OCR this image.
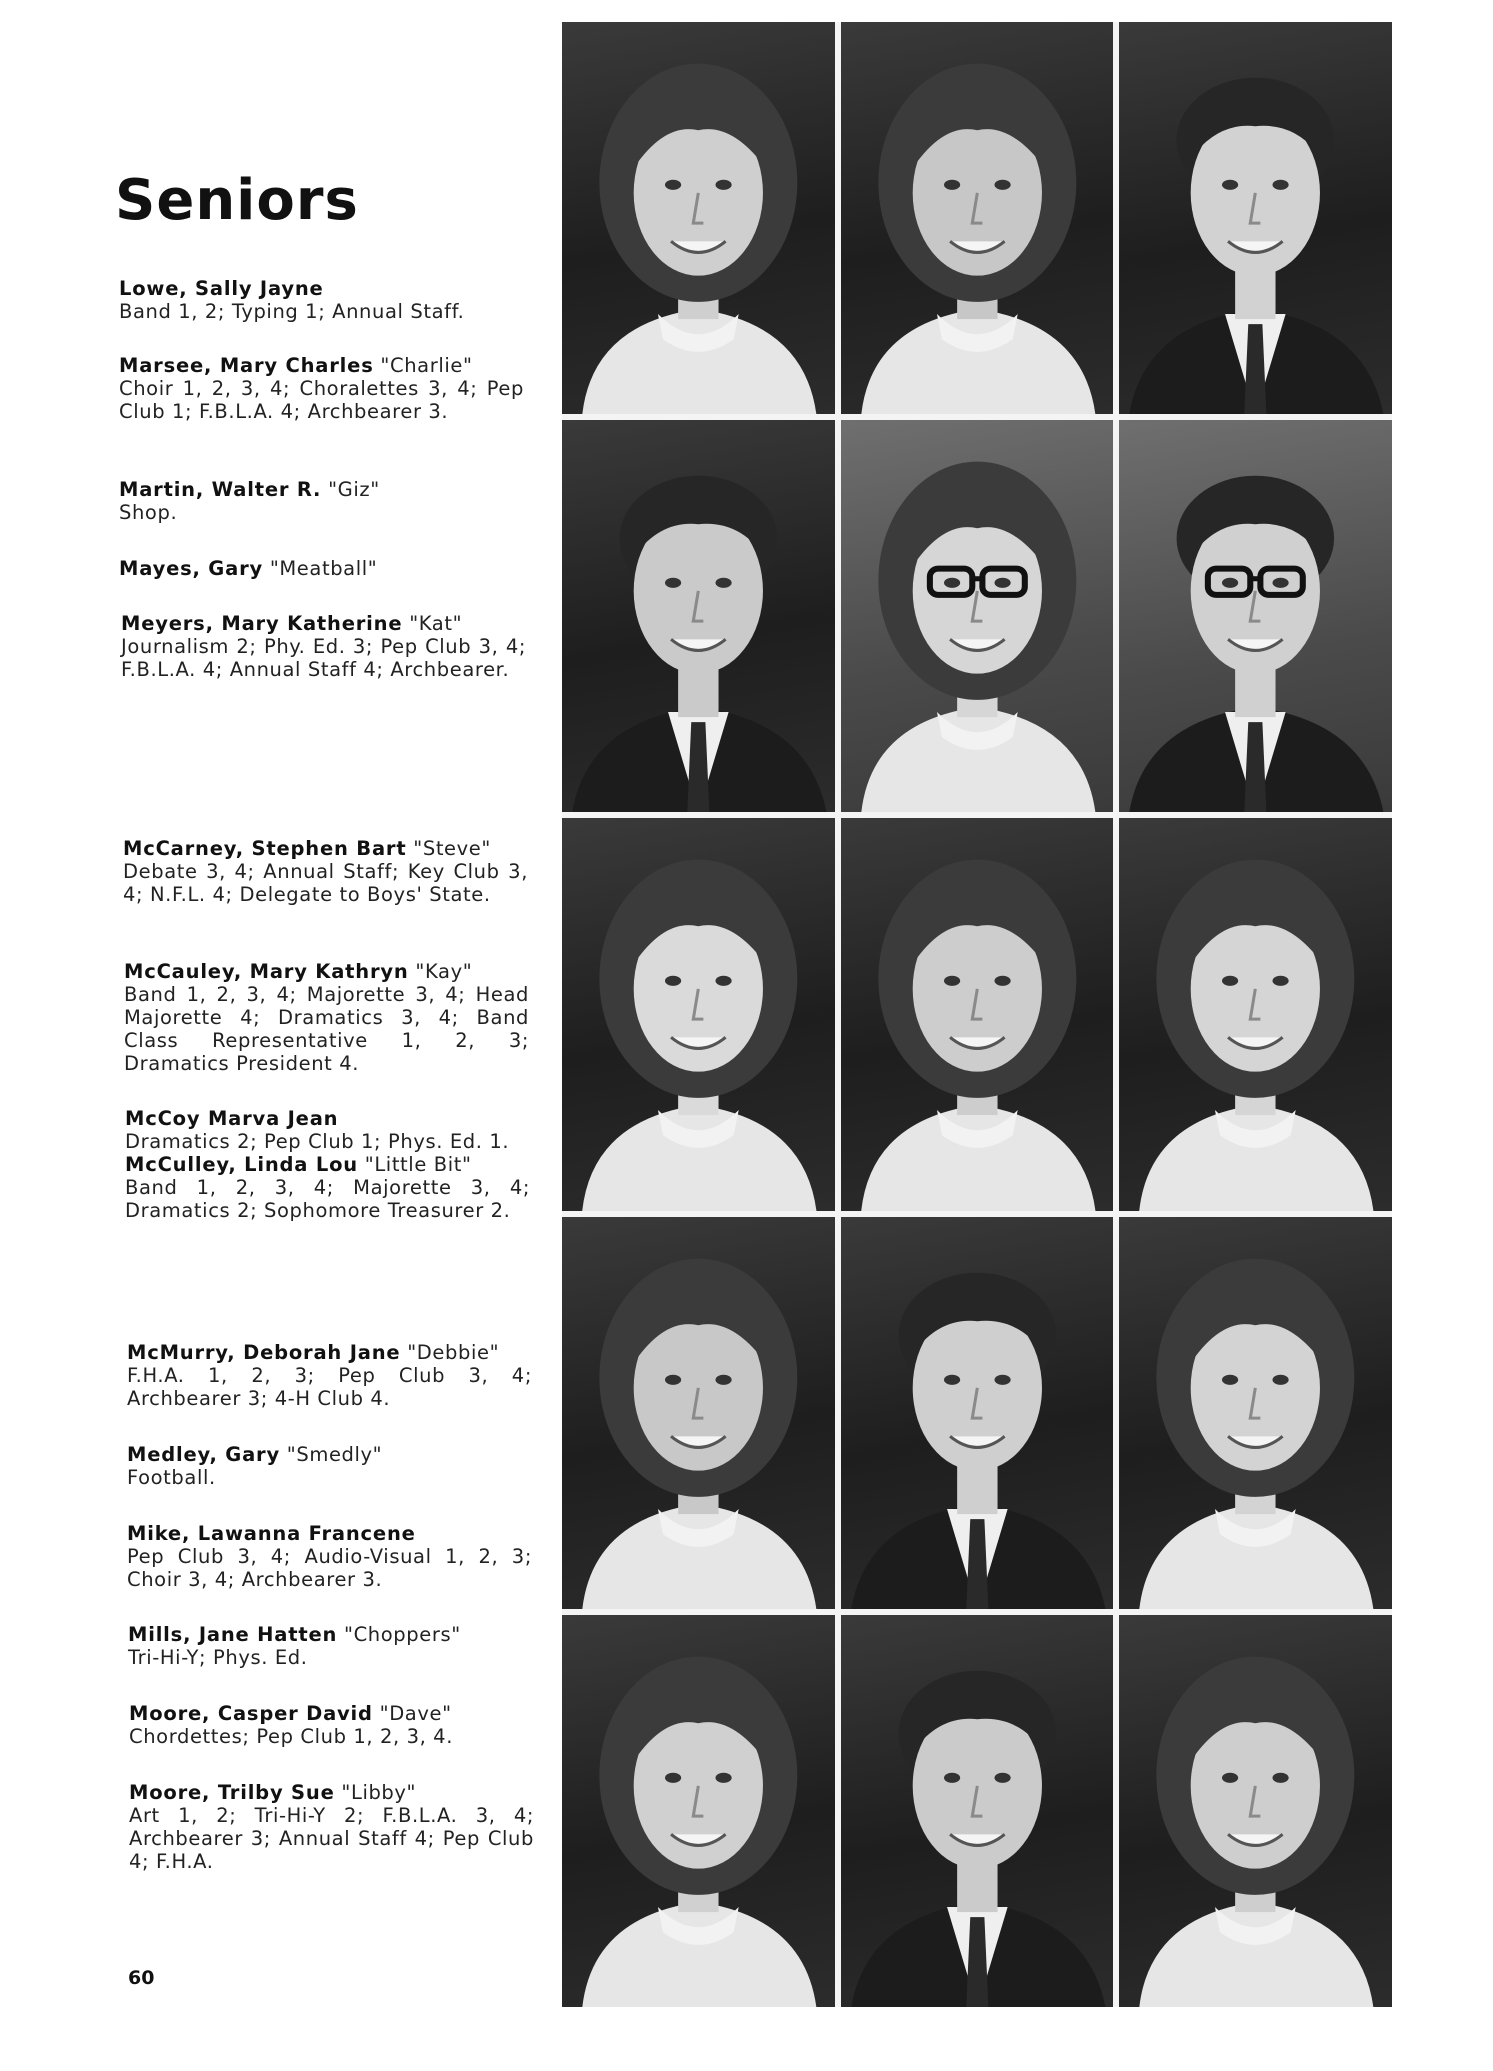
Seniors
Lowe, Sally Jayne
Band 1, 2; Typing 1; Annual Staff.
Marsee, Mary Charles "Charlie"
Choir 1, 2, 3, 4; Choralettes 3, 4; Pep Club 1; F.B.L.A. 4; Archbearer 3.
Martin, Walter R. "Giz"
Shop.
Mayes, Gary "Meatball"
Meyers, Mary Katherine "Kat"
Journalism 2; Phy. Ed. 3; Pep Club 3, 4; F.B.L.A. 4; Annual Staff 4; Archbearer.
McCarney, Stephen Bart "Steve"
Debate 3, 4; Annual Staff; Key Club 3, 4; N.F.L. 4; Delegate to Boys' State.
McCauley, Mary Kathryn "Kay"
Band 1, 2, 3, 4; Majorette 3, 4; Head Majorette 4; Dramatics 3, 4; Band Class Representative 1, 2, 3; Dramatics President 4.
McCoy Marva Jean
Dramatics 2; Pep Club 1; Phys. Ed. 1.
McCulley, Linda Lou "Little Bit"
Band 1, 2, 3, 4; Majorette 3, 4; Dramatics 2; Sophomore Treasurer 2.
McMurry, Deborah Jane "Debbie"
F.H.A. 1, 2, 3; Pep Club 3, 4; Archbearer 3; 4-H Club 4.
Medley, Gary "Smedly"
Football.
Mike, Lawanna Francene
Pep Club 3, 4; Audio-Visual 1, 2, 3; Choir 3, 4; Archbearer 3.
Mills, Jane Hatten "Choppers"
Tri-Hi-Y; Phys. Ed.
Moore, Casper David "Dave"
Chordettes; Pep Club 1, 2, 3, 4.
Moore, Trilby Sue "Libby"
Art 1, 2; Tri-Hi-Y 2; F.B.L.A. 3, 4; Archbearer 3; Annual Staff 4; Pep Club 4; F.H.A.
60
